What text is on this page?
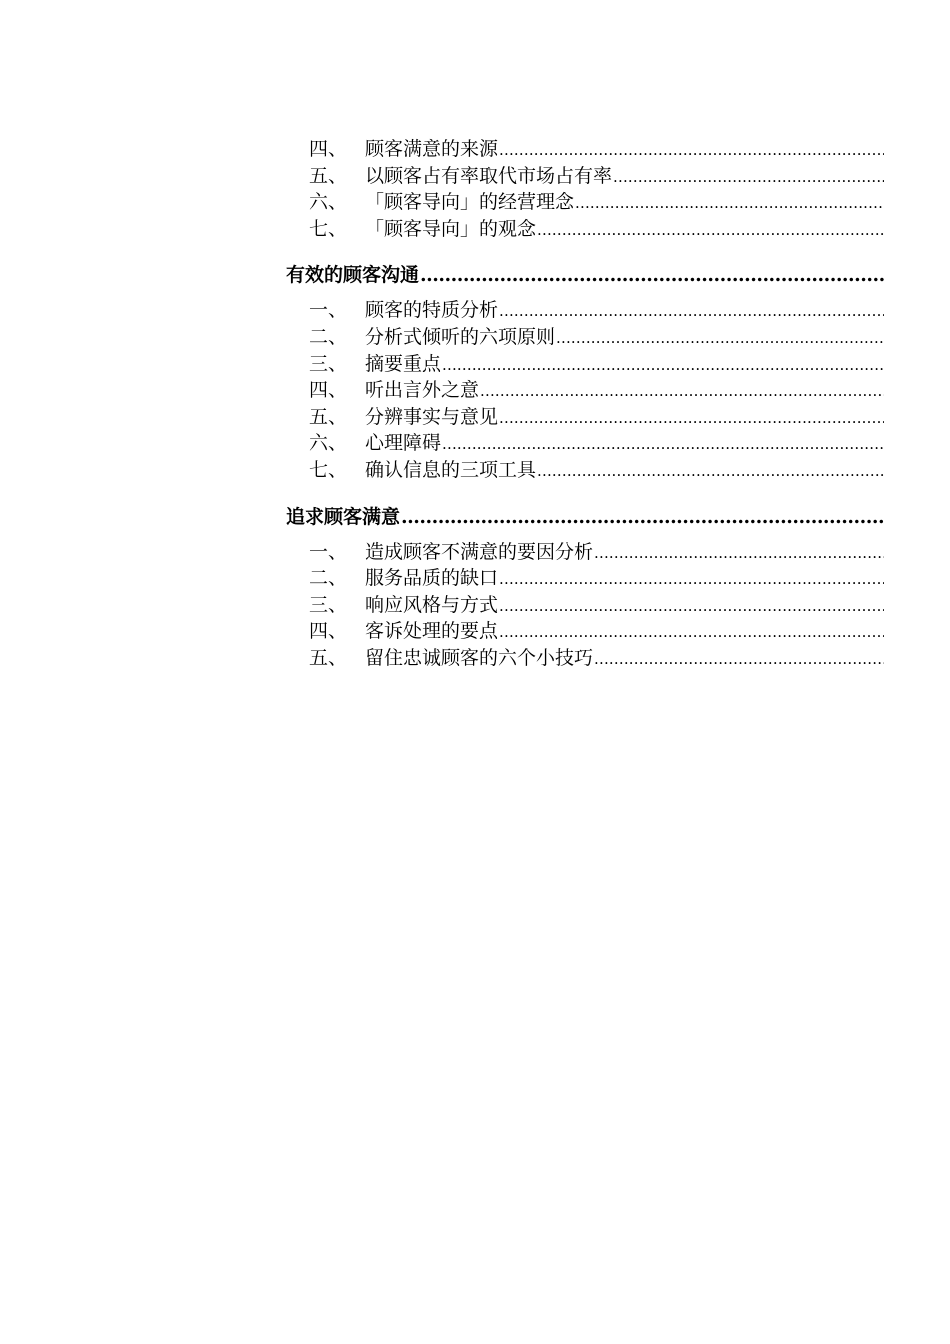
四、 顾客满意的来源
.....
五、 以顾客占有率取代市场占有率
.....
六、 「顾客导向」的经营理念
.....
七、 「顾客导向」的观念
.....
有效的顾客沟通
.....
一、 顾客的特质分析
.....
二、 分析式倾听的六项原则
.....
三、 摘要重点
.....
四、 听出言外之意
.....
五、 分辨事实与意见
.....
六、 心理障碍
.....
七、 确认信息的三项工具
.....
追求顾客满意
.....
一、 造成顾客不满意的要因分析
.....
二、 服务品质的缺口
.....
三、 响应风格与方式
.....
四、 客诉处理的要点
.....
五、 留住忠诚顾客的六个小技巧
.....
